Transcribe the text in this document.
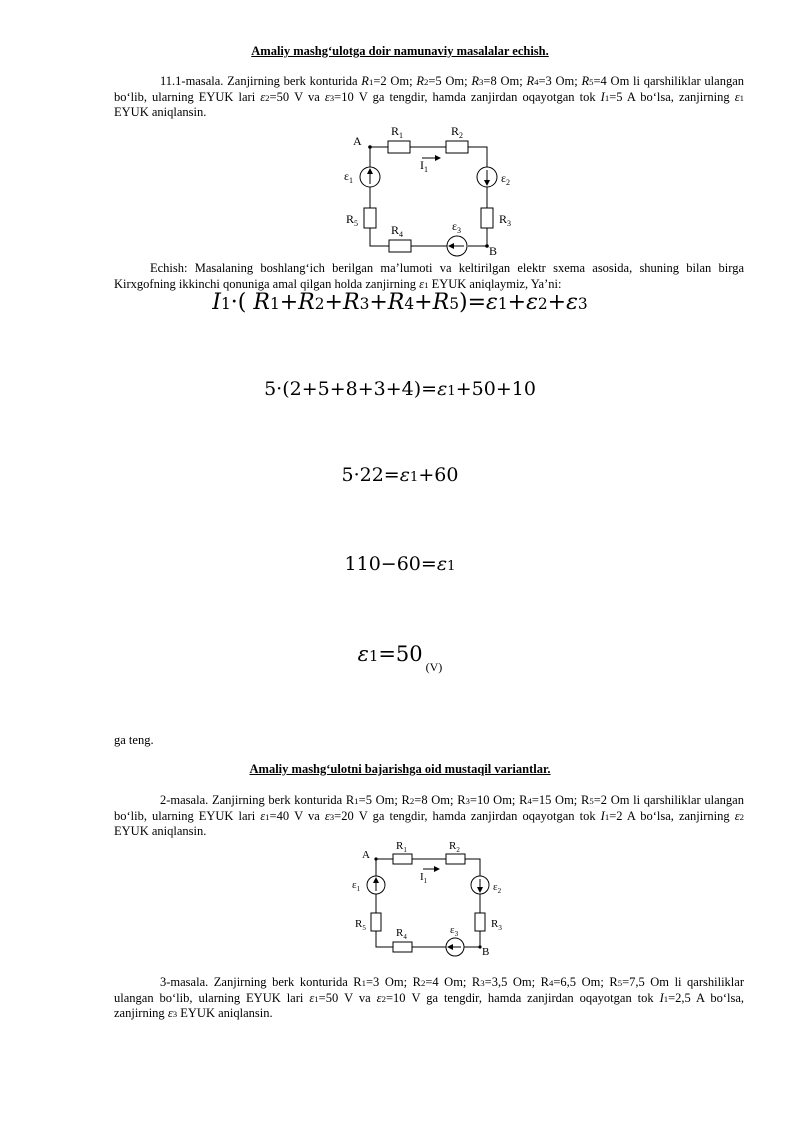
Amaliy mashg‘ulotga doir namunaviy masalalar echish.
11.1-masala. Zanjirning berk konturida $R_1=2$ Om; $R_2=5$ Om; $R_3=8$ Om; $R_4=3$ Om; $R_5=4$ Om li qarshiliklar ulangan bo‘lib, ularning EYUK lari $\varepsilon_2=50$ V va $\varepsilon_3=10$ V ga tengdir, hamda zanjirdan oqayotgan tok $I_1=5$ A bo‘lsa, zanjirning $\varepsilon_1$ EYUK aniqlansin.
A
B
$R_1$	$R_2$
$R_3$
$R_4$
$R_5$
$\varepsilon_1$	$\varepsilon_2$
$\varepsilon_3$
$I_1$
Echish: Masalaning boshlang‘ich berilgan ma’lumoti va keltirilgan elektr sxema asosida, shuning bilan birga Kirxgofning ikkinchi qonuniga amal qilgan holda zanjirning $\varepsilon_1$ EYUK aniqlaymiz, Ya’ni:
$I_1\cdot$( $R_1+R_2+R_3+R_4+R_5)=\varepsilon_1+\varepsilon_2+\varepsilon_3$
$5\cdot(2+5+8+3+4)=\varepsilon_1+50+10$
$5\cdot 22=\varepsilon_1+60$
$110-60=\varepsilon_1$
$\varepsilon_1=50$ $_{(V)}$
ga teng.
Amaliy mashg‘ulotni bajarishga oid mustaqil variantlar.
2-masala. Zanjirning berk konturida $R_1=5$ Om; $R_2=8$ Om; $R_3=10$ Om; $R_4=15$ Om; $R_5=2$ Om li qarshiliklar ulangan bo‘lib, ularning EYUK lari $\varepsilon_1=40$ V va $\varepsilon_3=20$ V ga tengdir, hamda zanjirdan oqayotgan tok $I_1=2$ A bo‘lsa, zanjirning $\varepsilon_2$ EYUK aniqlansin.
A
B
$R_1$	$R_2$
$R_3$
$R_4$
$R_5$
$\varepsilon_1$	$\varepsilon_2$
$\varepsilon_3$
$I_1$
3-masala. Zanjirning berk konturida $R_1=3$ Om; $R_2=4$ Om; $R_3=3,5$ Om; $R_4=6,5$ Om; $R_5=7,5$ Om li qarshiliklar ulangan bo‘lib, ularning EYUK lari $\varepsilon_1=50$ V va $\varepsilon_2=10$ V ga tengdir, hamda zanjirdan oqayotgan tok $I_1=2,5$ A bo‘lsa, zanjirning $\varepsilon_3$ EYUK aniqlansin.
